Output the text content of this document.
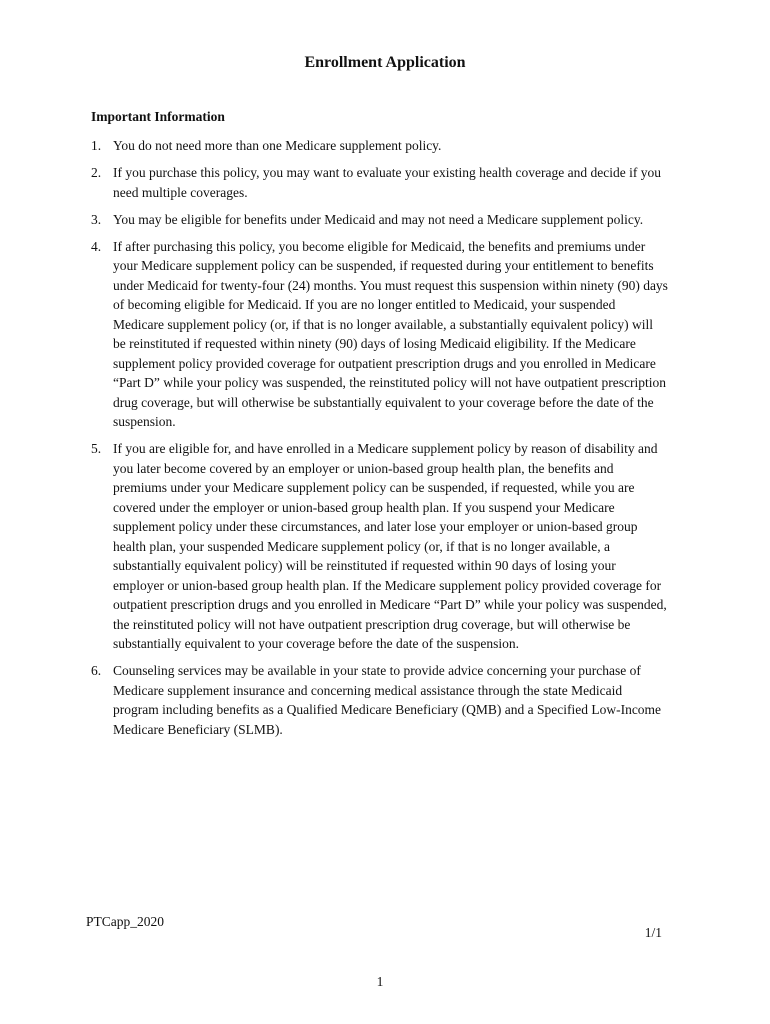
Enrollment Application
Important Information
1. You do not need more than one Medicare supplement policy.
2. If you purchase this policy, you may want to evaluate your existing health coverage and decide if you need multiple coverages.
3. You may be eligible for benefits under Medicaid and may not need a Medicare supplement policy.
4. If after purchasing this policy, you become eligible for Medicaid, the benefits and premiums under your Medicare supplement policy can be suspended, if requested during your entitlement to benefits under Medicaid for twenty-four (24) months. You must request this suspension within ninety (90) days of becoming eligible for Medicaid. If you are no longer entitled to Medicaid, your suspended Medicare supplement policy (or, if that is no longer available, a substantially equivalent policy) will be reinstituted if requested within ninety (90) days of losing Medicaid eligibility. If the Medicare supplement policy provided coverage for outpatient prescription drugs and you enrolled in Medicare “Part D” while your policy was suspended, the reinstituted policy will not have outpatient prescription drug coverage, but will otherwise be substantially equivalent to your coverage before the date of the suspension.
5. If you are eligible for, and have enrolled in a Medicare supplement policy by reason of disability and you later become covered by an employer or union-based group health plan, the benefits and premiums under your Medicare supplement policy can be suspended, if requested, while you are covered under the employer or union-based group health plan. If you suspend your Medicare supplement policy under these circumstances, and later lose your employer or union-based group health plan, your suspended Medicare supplement policy (or, if that is no longer available, a substantially equivalent policy) will be reinstituted if requested within 90 days of losing your employer or union-based group health plan. If the Medicare supplement policy provided coverage for outpatient prescription drugs and you enrolled in Medicare “Part D” while your policy was suspended, the reinstituted policy will not have outpatient prescription drug coverage, but will otherwise be substantially equivalent to your coverage before the date of the suspension.
6. Counseling services may be available in your state to provide advice concerning your purchase of Medicare supplement insurance and concerning medical assistance through the state Medicaid program including benefits as a Qualified Medicare Beneficiary (QMB) and a Specified Low-Income Medicare Beneficiary (SLMB).

PTCapp_2020

1/1

1
